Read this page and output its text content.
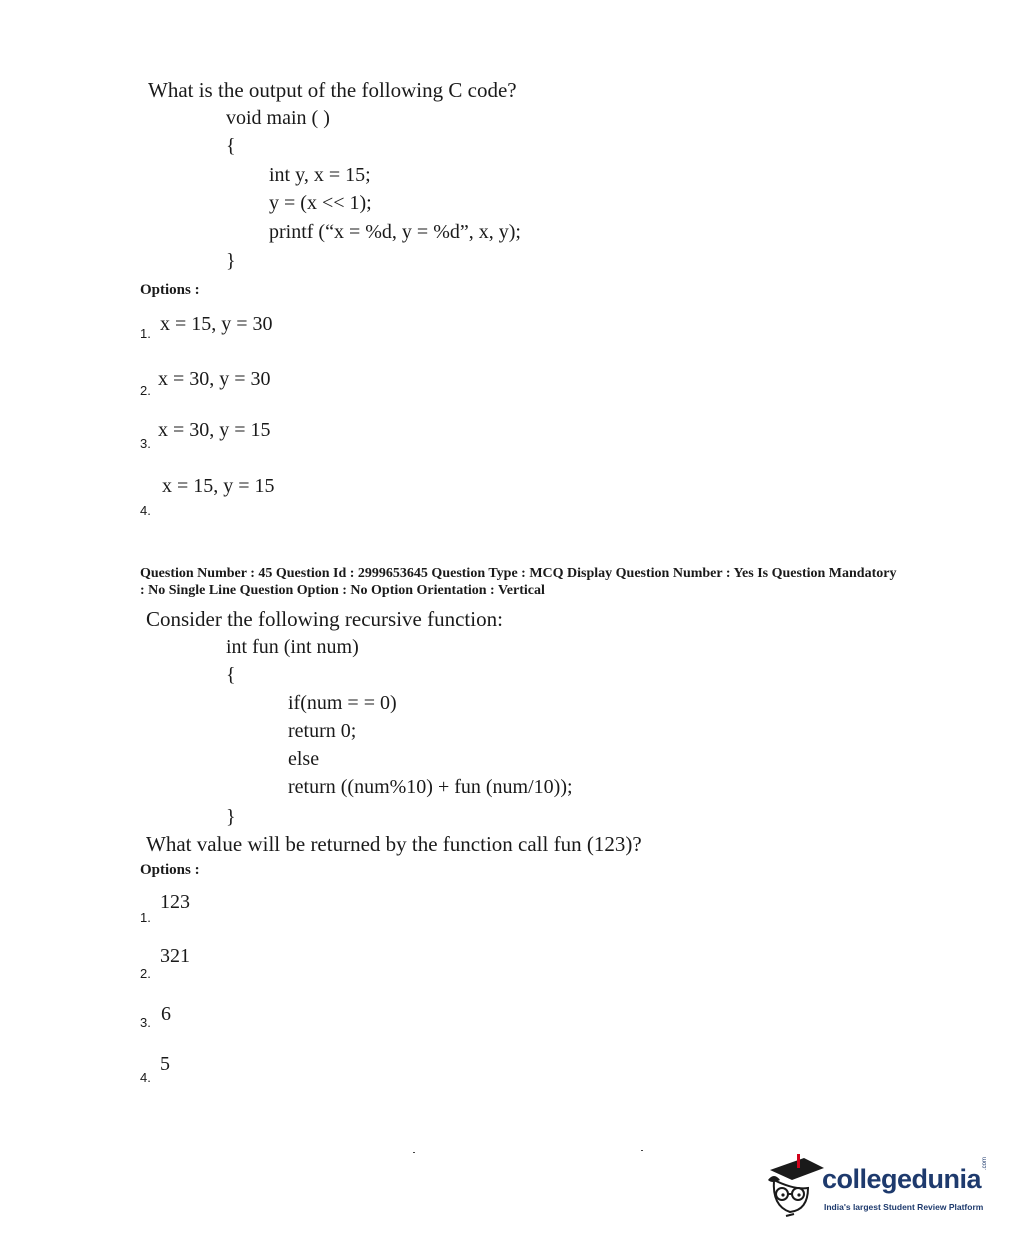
What is the output of the following C code?
void main ( )
{
int y, x = 15;
y = (x << 1);
printf (“x = %d, y = %d”, x, y);
}
Options :
1. x = 15, y = 30
2.
x = 30, y = 30
3.
x = 30, y = 15
4.
x = 15, y = 15
Question Number : 45 Question Id : 2999653645 Question Type : MCQ Display Question Number : Yes Is Question Mandatory : No Single Line Question Option : No Option Orientation : Vertical
Consider the following recursive function:
int fun (int num)
{
if(num = = 0)
return 0;
else
return ((num%10) + fun (num/10));
}
What value will be returned by the function call fun (123)?
Options :
1.
123
2.
321
3. 6
4.
5
collegedunia
.com
India's largest Student Review Platform
